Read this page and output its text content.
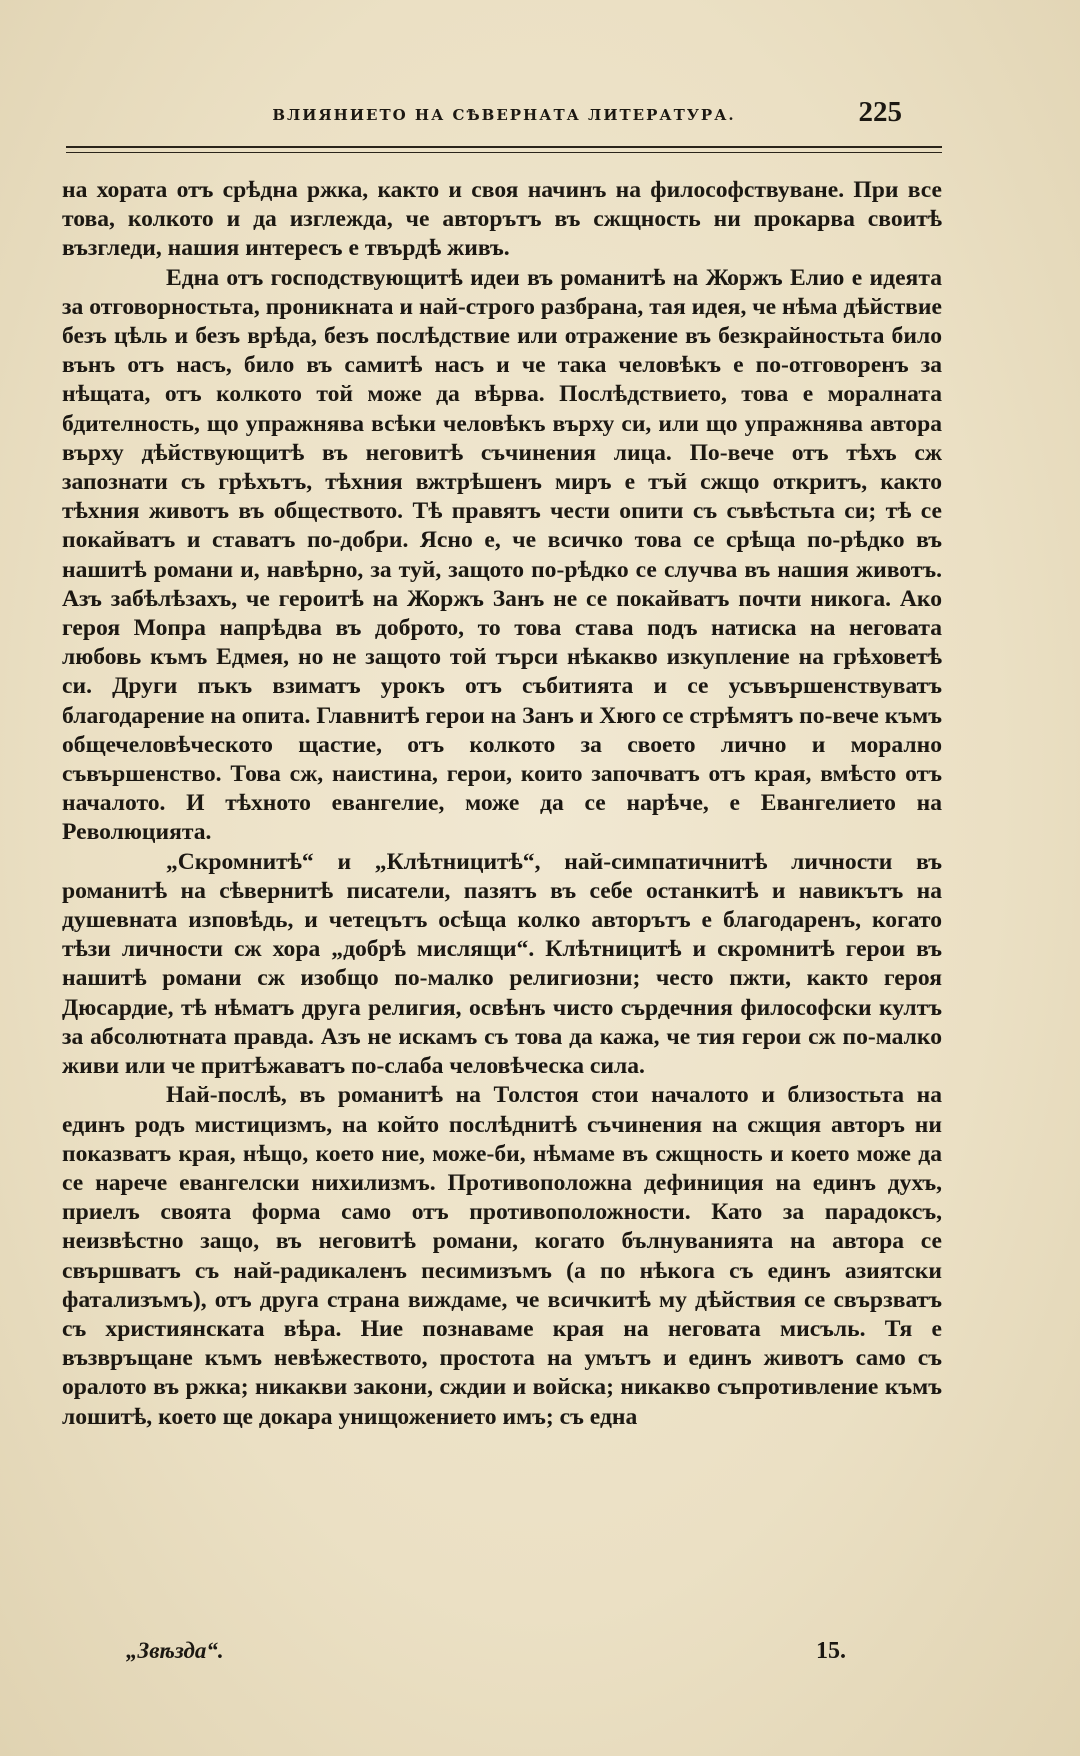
ВЛИЯНИЕТО НА СѢВЕРНАТА ЛИТЕРАТУРА.	225

на хората отъ срѣдна ржка, както и своя начинъ на философствуване. При все това, колкото и да изглежда, че авторътъ въ сжщность ни прокарва своитѣ възгледи, нашия интересъ е твърдѣ живъ.

Една отъ господствующитѣ идеи въ романитѣ на Жоржъ Елио е идеята за отговорностьта, проникната и най-строго разбрана, тая идея, че нѣма дѣйствие безъ цѣль и безъ врѣда, безъ послѣдствие или отражение въ безкрайностьта било вънъ отъ насъ, било въ самитѣ насъ и че така человѣкъ е по-отговоренъ за нѣщата, отъ колкото той може да вѣрва. Послѣдствието, това е моралната бдителность, що упражнява всѣки человѣкъ върху си, или що упражнява автора върху дѣйствующитѣ въ неговитѣ съчинения лица. По-вече отъ тѣхъ сж запознати съ грѣхътъ, тѣхния вжтрѣшенъ миръ е тъй сжщо откритъ, както тѣхния животъ въ обществото. Тѣ правятъ чести опити съ съвѣстьта си; тѣ се покайватъ и ставатъ по-добри. Ясно е, че всичко това се срѣща по-рѣдко въ нашитѣ романи и, навѣрно, за туй, защото по-рѣдко се случва въ нашия животъ. Азъ забѣлѣзахъ, че героитѣ на Жоржъ Занъ не се покайватъ почти никога. Ако героя Мопра напрѣдва въ доброто, то това става подъ натиска на неговата любовь къмъ Едмея, но не защото той търси нѣкакво изкупление на грѣховетѣ си. Други пъкъ взиматъ урокъ отъ събитията и се усъвършенствуватъ благодарение на опита. Главнитѣ герои на Занъ и Хюго се стрѣмятъ по-вече къмъ общечеловѣческото щастие, отъ колкото за своето лично и морално съвършенство. Това сж, наистина, герои, които започватъ отъ края, вмѣсто отъ началото. И тѣхното евангелие, може да се нарѣче, е Евангелието на Революцията.

„Скромнитѣ“ и „Клѣтницитѣ“, най-симпатичнитѣ личности въ романитѣ на сѣвернитѣ писатели, пазятъ въ себе останкитѣ и навикътъ на душевната изповѣдь, и четецътъ осѣща колко авторътъ е благодаренъ, когато тѣзи личности сж хора „добрѣ мислящи“. Клѣтницитѣ и скромнитѣ герои въ нашитѣ романи сж изобщо по-малко религиозни; често пжти, както героя Дюсардие, тѣ нѣматъ друга религия, освѣнъ чисто сърдечния философски култъ за абсолютната правда. Азъ не искамъ съ това да кажа, че тия герои сж по-малко живи или че притѣжаватъ по-слаба человѣческа сила.

Най-послѣ, въ романитѣ на Толстоя стои началото и близостьта на единъ родъ мистицизмъ, на който послѣднитѣ съчинения на сжщия авторъ ни показватъ края, нѣщо, което ние, може-би, нѣмаме въ сжщность и което може да се нарече евангелски нихилизмъ. Противоположна дефиниция на единъ духъ, приелъ своята форма само отъ противоположности. Като за парадоксъ, неизвѣстно защо, въ неговитѣ романи, когато бълнуванията на автора се свършватъ съ най-радикаленъ песимизъмъ (а по нѣкога съ единъ азиятски фатализъмъ), отъ друга страна виждаме, че всичкитѣ му дѣйствия се свързватъ съ християнската вѣра. Ние познаваме края на неговата мисъль. Тя е възвръщане къмъ невѣжеството, простота на умътъ и единъ животъ само съ оралото въ ржка; никакви закони, сждии и войска; никакво съпротивление къмъ лошитѣ, което ще докара унищожението имъ; съ една

„Звѣзда“.	15.
